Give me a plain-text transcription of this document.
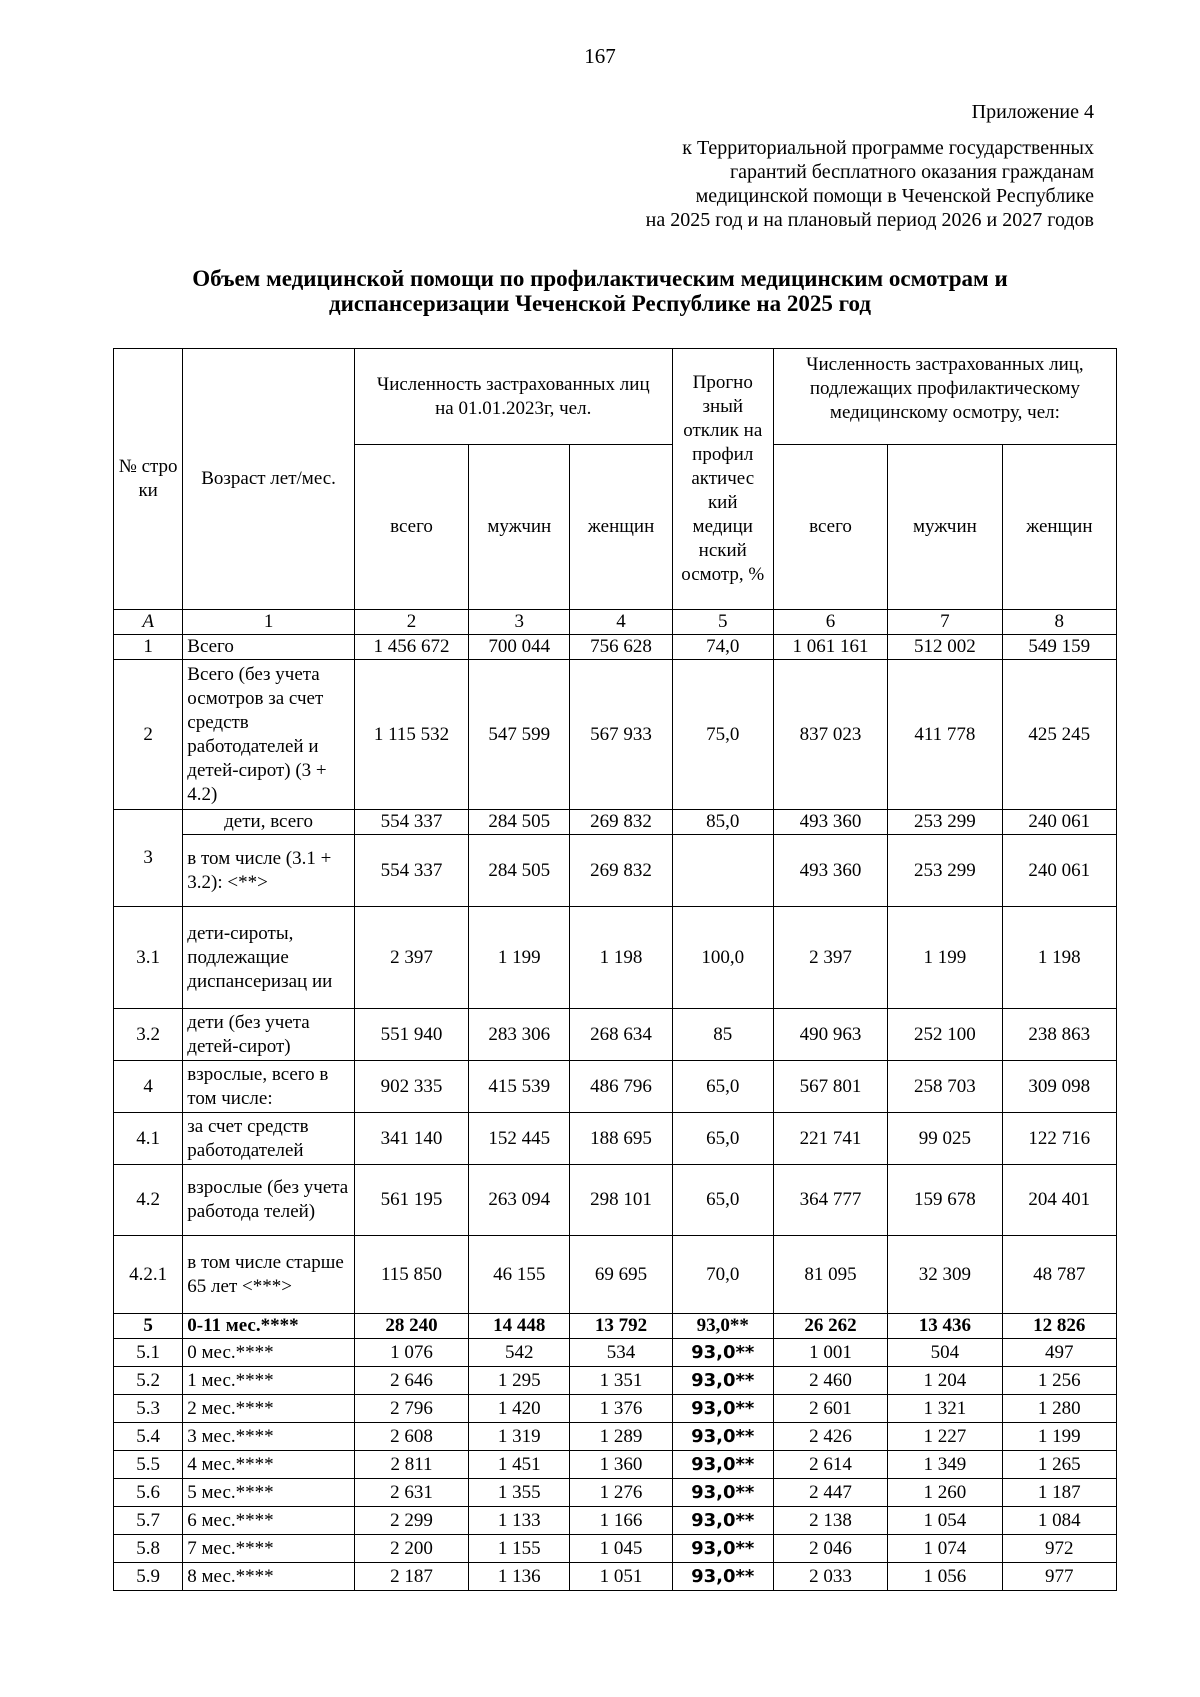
167
Приложение 4
к Территориальной программе государственных
гарантий бесплатного оказания гражданам
медицинской помощи в Чеченской Республике
на 2025 год и на плановый период 2026 и 2027 годов
Объем медицинской помощи по профилактическим медицинским осмотрам и
диспансеризации Чеченской Республике на 2025 год
№ стро ки	Возраст лет/мес.	Численность застрахованных лиц на 01.01.2023г, чел.			Прогно зный отклик на профил актичес кий медици нский осмотр, %	Численность застрахованных лиц, подлежащих профилактическому медицинскому осмотру, чел:		
		всего	мужчин	женщин		всего	мужчин	женщин
А	1	2	3	4	5	6	7	8
1	Всего	1 456 672	700 044	756 628	74,0	1 061 161	512 002	549 159
2	Всего (без учета осмотров за счет средств работодателей и детей-сирот) (3 + 4.2)	1 115 532	547 599	567 933	75,0	837 023	411 778	425 245
3	дети, всего	554 337	284 505	269 832	85,0	493 360	253 299	240 061
	в том числе (3.1 + 3.2): <**>	554 337	284 505	269 832		493 360	253 299	240 061
3.1	дети-сироты, подлежащие диспансеризац ии	2 397	1 199	1 198	100,0	2 397	1 199	1 198
3.2	дети (без учета детей-сирот)	551 940	283 306	268 634	85	490 963	252 100	238 863
4	взрослые, всего в том числе:	902 335	415 539	486 796	65,0	567 801	258 703	309 098
4.1	за счет средств работодателей	341 140	152 445	188 695	65,0	221 741	99 025	122 716
4.2	взрослые (без учета работода телей)	561 195	263 094	298 101	65,0	364 777	159 678	204 401
4.2.1	в том числе старше 65 лет <***>	115 850	46 155	69 695	70,0	81 095	32 309	48 787
5	0-11 мес.****	28 240	14 448	13 792	93,0**	26 262	13 436	12 826
5.1	0 мес.****	1 076	542	534	93,0**	1 001	504	497
5.2	1 мес.****	2 646	1 295	1 351	93,0**	2 460	1 204	1 256
5.3	2 мес.****	2 796	1 420	1 376	93,0**	2 601	1 321	1 280
5.4	3 мес.****	2 608	1 319	1 289	93,0**	2 426	1 227	1 199
5.5	4 мес.****	2 811	1 451	1 360	93,0**	2 614	1 349	1 265
5.6	5 мес.****	2 631	1 355	1 276	93,0**	2 447	1 260	1 187
5.7	6 мес.****	2 299	1 133	1 166	93,0**	2 138	1 054	1 084
5.8	7 мес.****	2 200	1 155	1 045	93,0**	2 046	1 074	972
5.9	8 мес.****	2 187	1 136	1 051	93,0**	2 033	1 056	977
